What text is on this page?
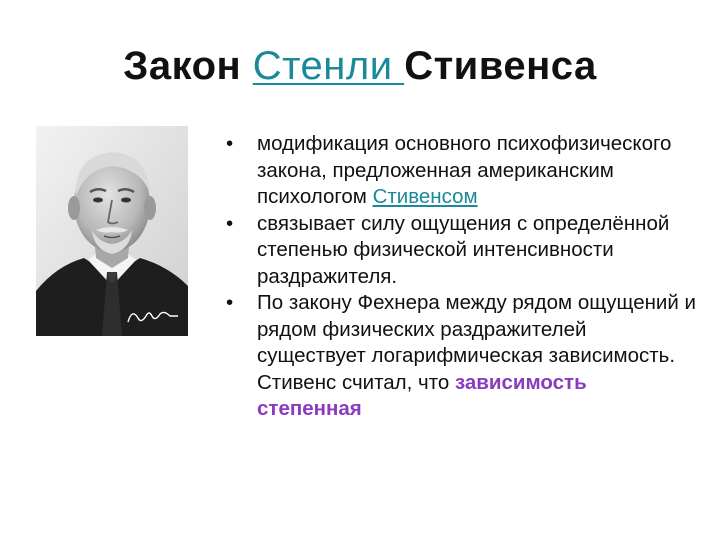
Закон Стенли Стивенса
•	модификация основного психофизического закона, предложенная американским психологом Стивенсом
•	связывает силу ощущения с определённой степенью физической интенсивности раздражителя.
•	По закону Фехнера между рядом ощущений и рядом физических раздражителей существует логарифмическая зависимость. Стивенс считал, что зависимость степенная
